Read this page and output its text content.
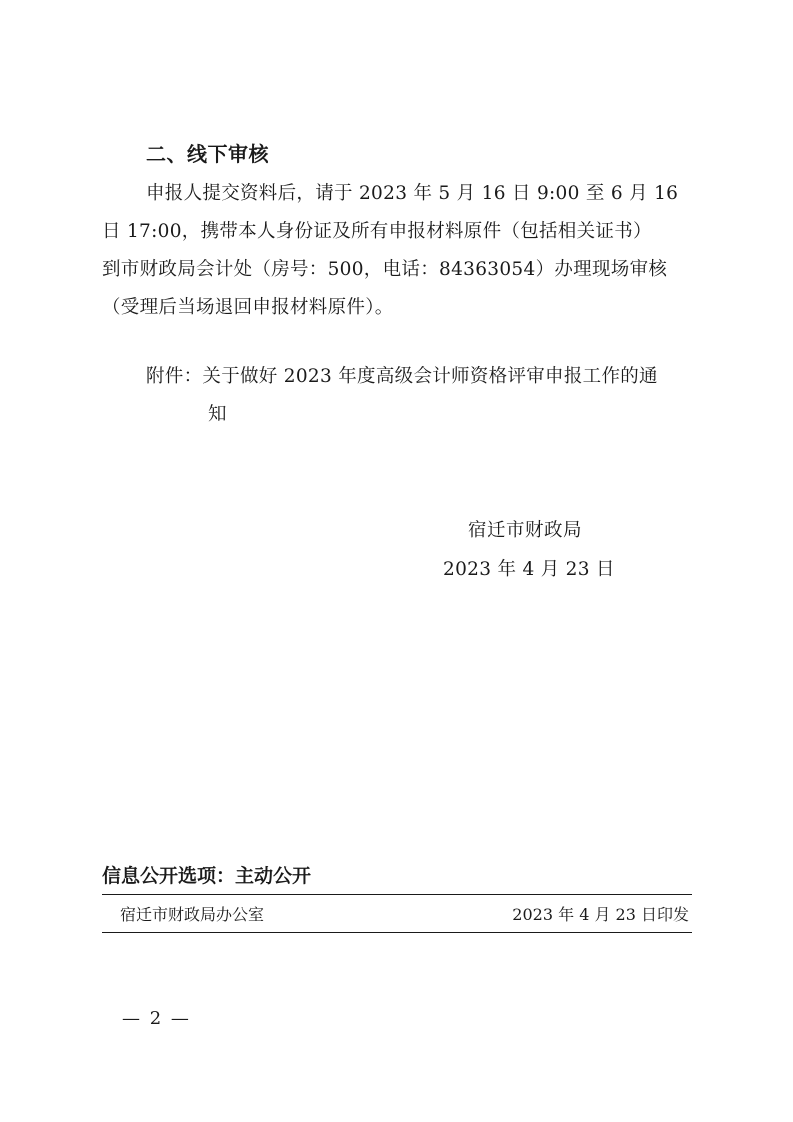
二、线下审核

申报人提交资料后，请于 2023 年 5 月 16 日 9:00 至 6 月 16
日 17:00，携带本人身份证及所有申报材料原件（包括相关证书）
到市财政局会计处（房号：500，电话：84363054）办理现场审核
（受理后当场退回申报材料原件）。

附件：关于做好 2023 年度高级会计师资格评审申报工作的通
知

宿迁市财政局

2023 年 4 月 23 日

信息公开选项：主动公开

宿迁市财政局办公室	2023 年 4 月 23 日印发

— 2 —
